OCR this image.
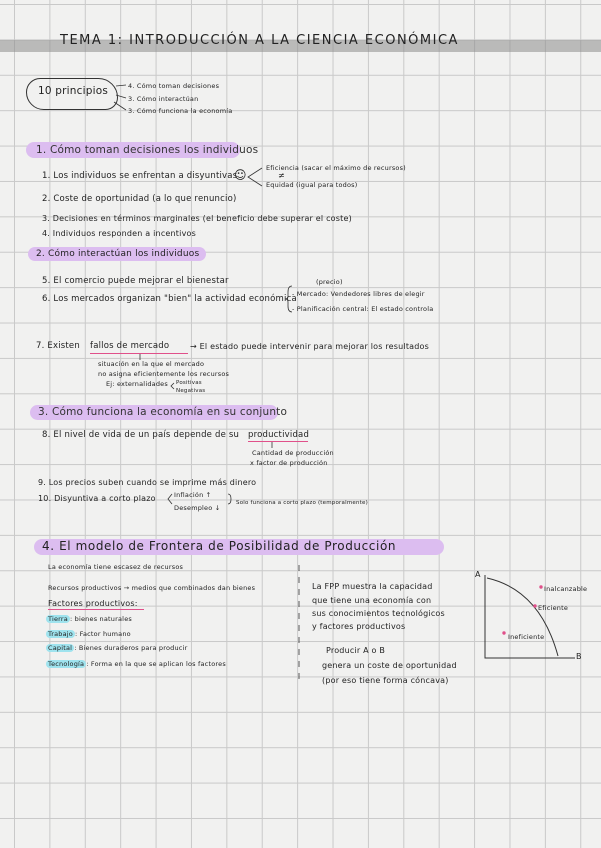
TEMA 1: INTRODUCCIÓN A LA CIENCIA ECONÓMICA
10 principios	4. Cómo toman decisiones
3. Cómo interactúan
3. Cómo funciona la economía
1. Cómo toman decisiones los individuos
1. Los individuos se enfrentan a disyuntivas
2. Coste de oportunidad (a lo que renuncio)
3. Decisiones en términos marginales (el beneficio debe superar el coste)
4. Individuos responden a incentivos
☺	Eficiencia (sacar el máximo de recursos)
≠
Equidad (igual para todos)
2. Cómo interactúan los individuos
5. El comercio puede mejorar el bienestar
6. Los mercados organizan "bien" la actividad económica
(precio)
- Mercado: Vendedores libres de elegir
- Planificación central: El estado controla
7. Existen fallos de mercado	→ El estado puede intervenir para mejorar los resultados
situación en la que el mercado
no asigna eficientemente los recursos
Ej: externalidades Positivas
Negativas
3. Cómo funciona la economía en su conjunto
8. El nivel de vida de un país depende de su productividad
Cantidad de producción
x factor de producción
9. Los precios suben cuando se imprime más dinero
10. Disyuntiva a corto plazo	Inflación ↑
Desempleo ↓
Solo funciona a corto plazo (temporalmente)
4. El modelo de Frontera de Posibilidad de Producción
La economía tiene escasez de recursos
Recursos productivos → medios que combinados dan bienes
Factores productivos:
Tierra : bienes naturales
Trabajo : Factor humano
Capital : Bienes duraderos para producir
Tecnología : Forma en la que se aplican los factores
La FPP muestra la capacidad
que tiene una economía con
sus conocimientos tecnológicos
y factores productivos
Producir A o B
genera un coste de oportunidad
(por eso tiene forma cóncava)
A
B
Inalcanzable
Eficiente
Ineficiente
